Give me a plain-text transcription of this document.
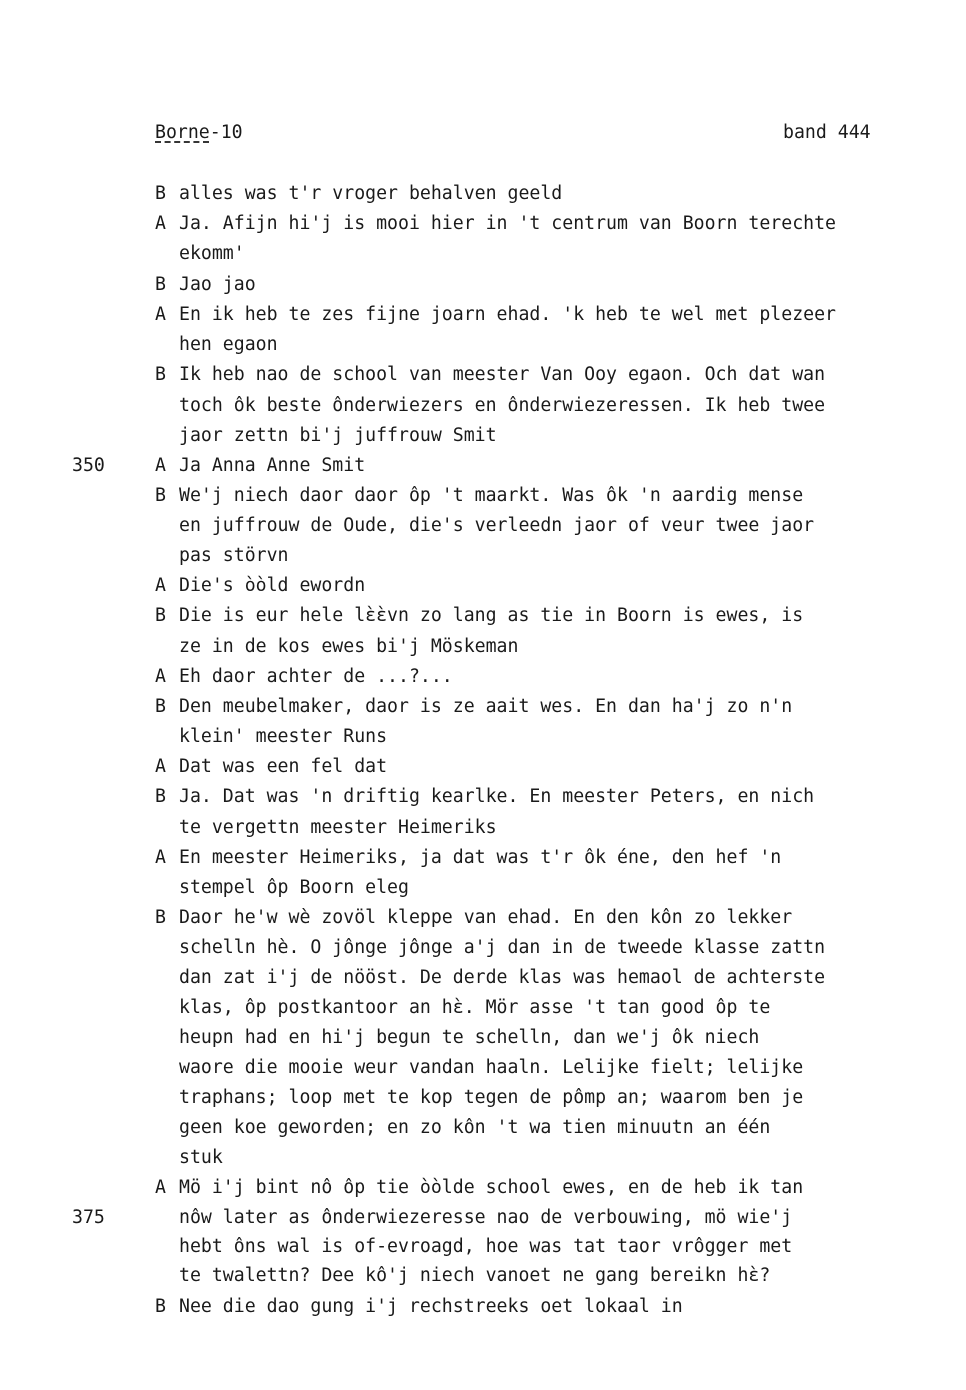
Borne-10	band 444
B alles was t'r vroger behalven geeld
A Ja. Afijn hi'j is mooi hier in 't centrum van Boorn terechte
ekomm'
B Jao jao
A En ik heb te zes fijne joarn ehad. 'k heb te wel met plezeer
hen egaon
B Ik heb nao de school van meester Van Ooy egaon. Och dat wan
toch ôk beste ônderwiezers en ônderwiezeressen. Ik heb twee
jaor zettn bi'j juffrouw Smit
350	A Ja Anna Anne Smit
B We'j niech daor daor ôp 't maarkt. Was ôk 'n aardig mense
en juffrouw de Oude, die's verleedn jaor of veur twee jaor
pas störvn
A Die's ὸὸld ewordn
B Die is eur hele lὲὲvn zo lang as tie in Boorn is ewes, is
ze in de kos ewes bi'j Möskeman
A Eh daor achter de ...?...
B Den meubelmaker, daor is ze aait wes. En dan ha'j zo n'n
klein' meester Runs
A Dat was een fel dat
B Ja. Dat was 'n driftig kearlke. En meester Peters, en nich
te vergettn meester Heimeriks
A En meester Heimeriks, ja dat was t'r ôk éne, den hef 'n
stempel ôp Boorn eleg
B Daor he'w wè zovöl kleppe van ehad. En den kôn zo lekker
schelln hè. O jônge jônge a'j dan in de tweede klasse zattn
dan zat i'j de nööst. De derde klas was hemaol de achterste
klas, ôp postkantoor an hὲ. Mör asse 't tan good ôp te
heupn had en hi'j begun te schelln, dan we'j ôk niech
waore die mooie weur vandan haaln. Lelijke fielt; lelijke
traphans; loop met te kop tegen de pômp an; waarom ben je
geen koe geworden; en zo kôn 't wa tien minuutn an één
stuk
A Mö i'j bint nô ôp tie ὸὸlde school ewes, en de heb ik tan
375	nôw later as ônderwiezeresse nao de verbouwing, mö wie'j
hebt ôns wal is of-evroagd, hoe was tat taor vrôgger met
te twalettn? Dee kô'j niech vanoet ne gang bereikn hὲ?
B Nee die dao gung i'j rechstreeks oet lokaal in
